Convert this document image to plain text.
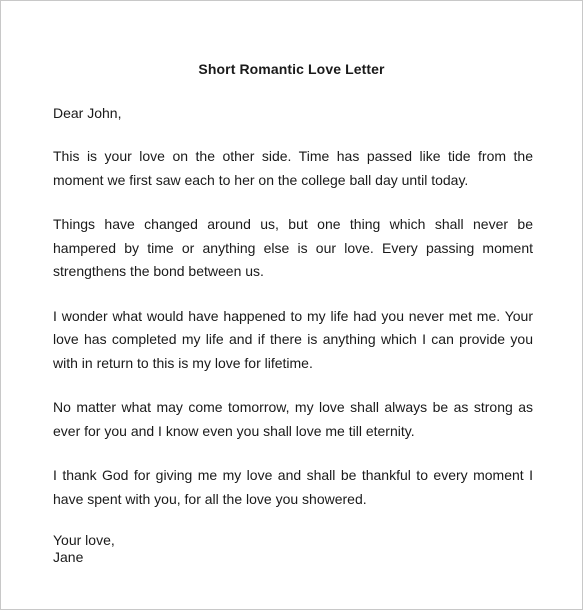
Short Romantic Love Letter
Dear John,
This is your love on the other side. Time has passed like tide from the moment we first saw each to her on the college ball day until today.
Things have changed around us, but one thing which shall never be hampered by time or anything else is our love. Every passing moment strengthens the bond between us.
I wonder what would have happened to my life had you never met me. Your love has completed my life and if there is anything which I can provide you with in return to this is my love for lifetime.
No matter what may come tomorrow, my love shall always be as strong as ever for you and I know even you shall love me till eternity.
I thank God for giving me my love and shall be thankful to every moment I have spent with you, for all the love you showered.
Your love,
Jane
